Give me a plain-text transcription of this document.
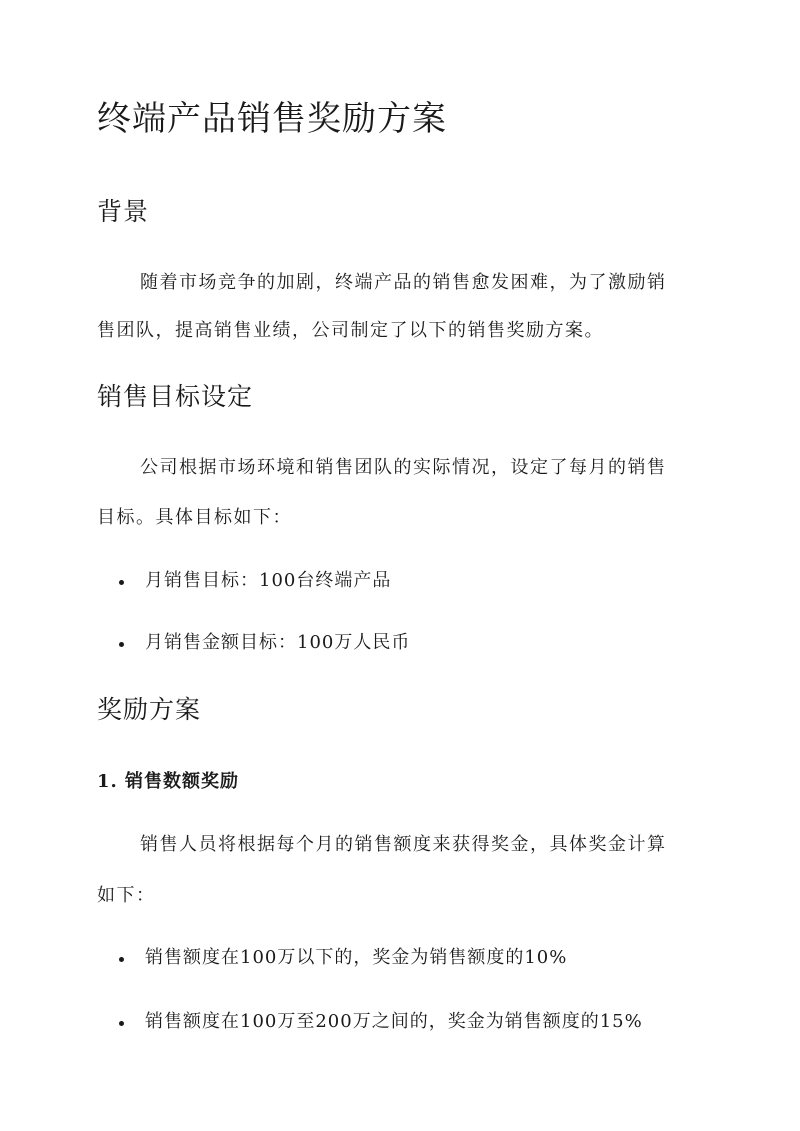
终端产品销售奖励方案
背景
随着市场竞争的加剧，终端产品的销售愈发困难，为了激励销
售团队，提高销售业绩，公司制定了以下的销售奖励方案。
销售目标设定
公司根据市场环境和销售团队的实际情况，设定了每月的销售
目标。具体目标如下：
月销售目标：100台终端产品
月销售金额目标：100万人民币
奖励方案
1. 销售数额奖励
销售人员将根据每个月的销售额度来获得奖金，具体奖金计算
如下：
销售额度在100万以下的，奖金为销售额度的10%
销售额度在100万至200万之间的，奖金为销售额度的15%
